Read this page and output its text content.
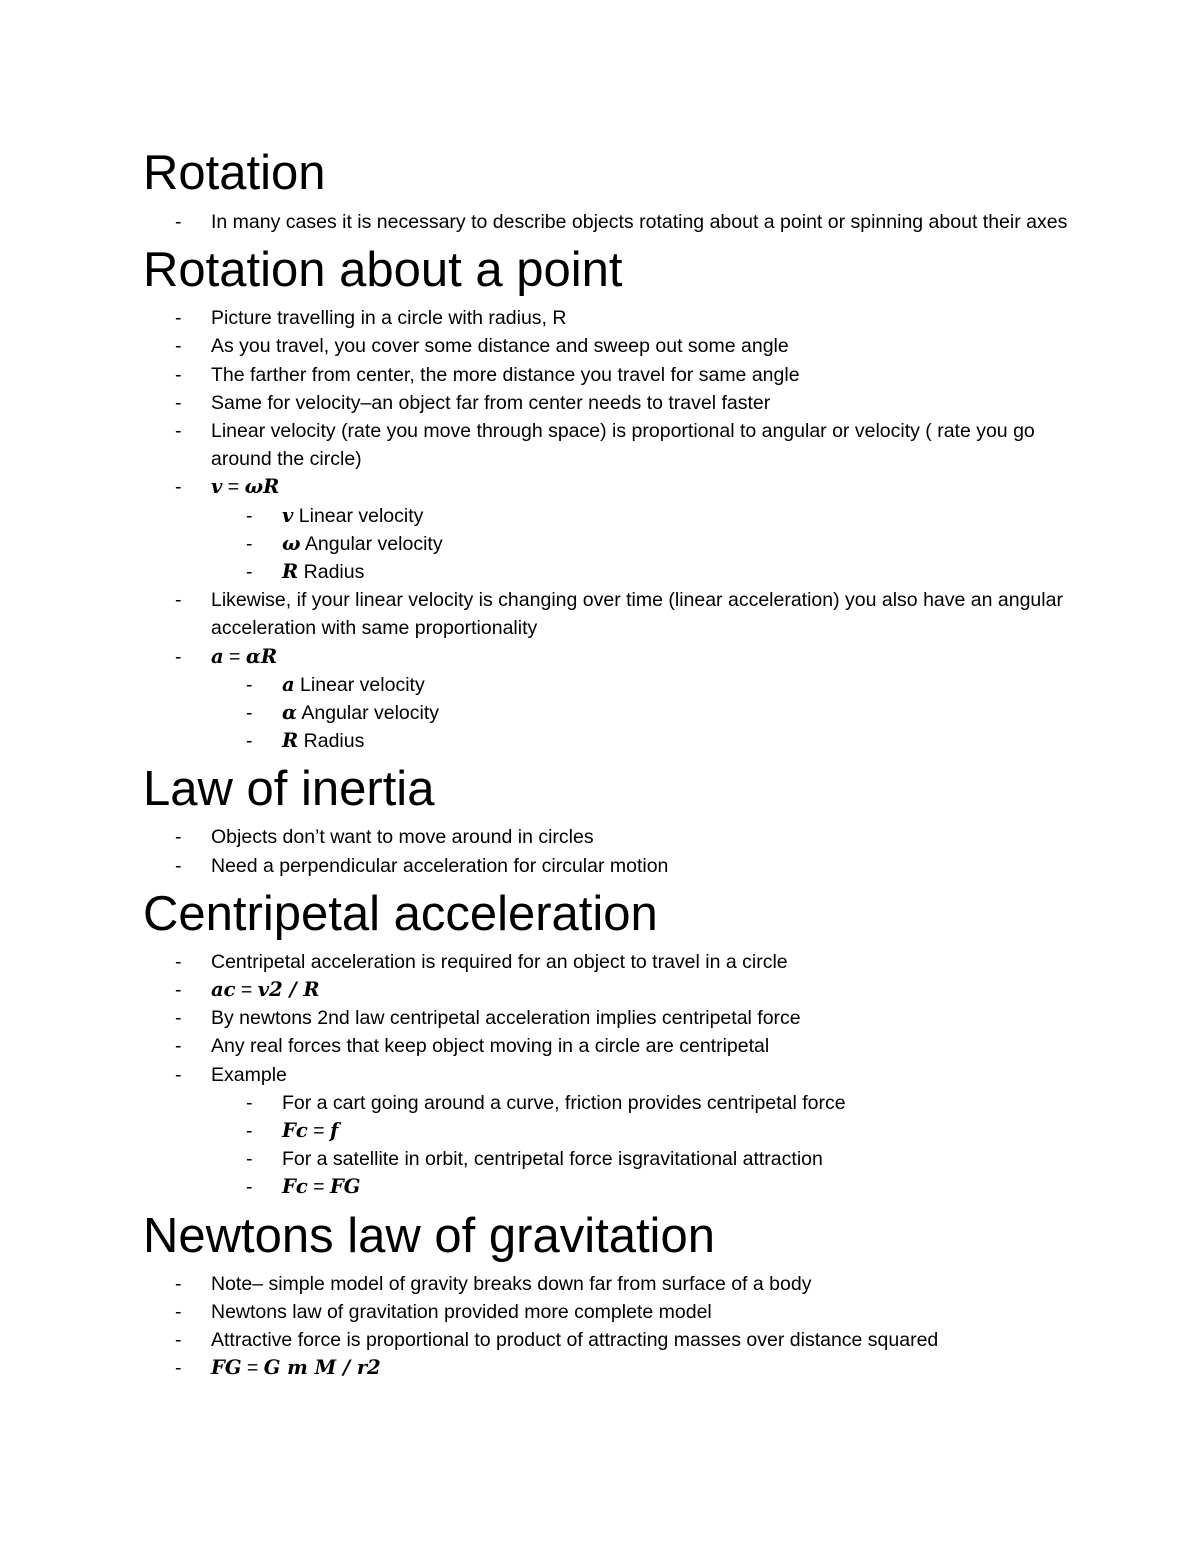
Rotation
- In many cases it is necessary to describe objects rotating about a point or spinning about their axes
Rotation about a point
- Picture travelling in a circle with radius, R
- As you travel, you cover some distance and sweep out some angle
- The farther from center, the more distance you travel for same angle
- Same for velocity–an object far from center needs to travel faster
- Linear velocity (rate you move through space) is proportional to angular or velocity ( rate you go around the circle)
- 𝒗 = 𝝎𝑹
- 𝒗 Linear velocity
- 𝝎 Angular velocity
- 𝑹 Radius
- Likewise, if your linear velocity is changing over time (linear acceleration) you also have an angular acceleration with same proportionality
- 𝒂 = 𝜶𝑹
- 𝒂 Linear velocity
- 𝜶 Angular velocity
- 𝑹 Radius
Law of inertia
- Objects don’t want to move around in circles
- Need a perpendicular acceleration for circular motion
Centripetal acceleration
- Centripetal acceleration is required for an object to travel in a circle
- 𝒂𝒄 = 𝒗2 / 𝑹
- By newtons 2nd law centripetal acceleration implies centripetal force
- Any real forces that keep object moving in a circle are centripetal
- Example
- For a cart going around a curve, friction provides centripetal force
- 𝑭𝒄 = 𝒇
- For a satellite in orbit, centripetal force isgravitational attraction
- 𝑭𝒄 = 𝑭G
Newtons law of gravitation
- Note– simple model of gravity breaks down far from surface of a body
- Newtons law of gravitation provided more complete model
- Attractive force is proportional to product of attracting masses over distance squared
- 𝑭G = 𝑮 𝒎 𝑴 / 𝒓2
